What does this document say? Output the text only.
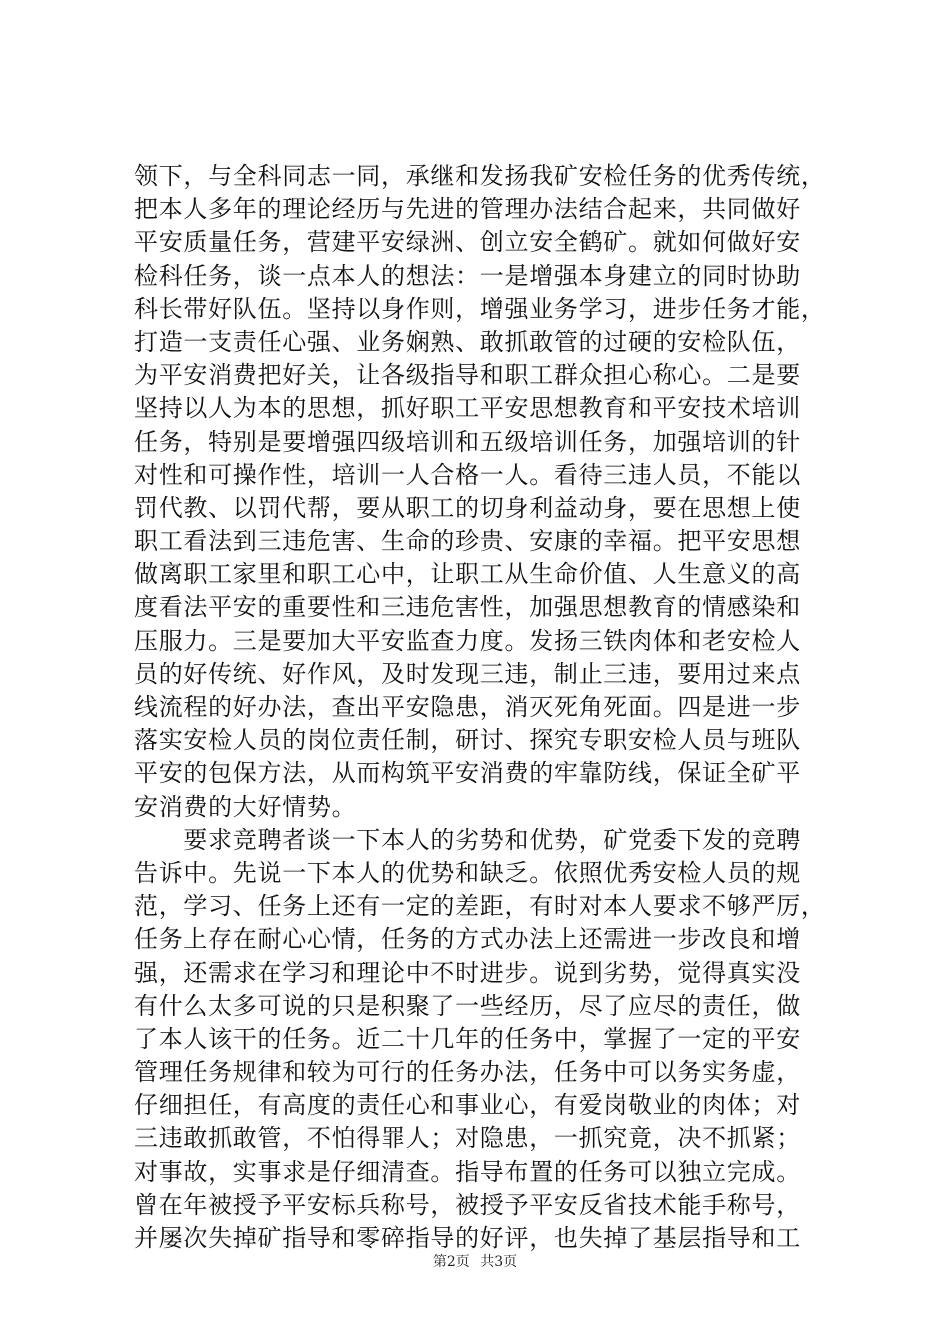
领下，与全科同志一同，承继和发扬我矿安检任务的优秀传统，
把本人多年的理论经历与先进的管理办法结合起来，共同做好
平安质量任务，营建平安绿洲、创立安全鹤矿。就如何做好安
检科任务，谈一点本人的想法：一是增强本身建立的同时协助
科长带好队伍。坚持以身作则，增强业务学习，进步任务才能，
打造一支责任心强、业务娴熟、敢抓敢管的过硬的安检队伍，
为平安消费把好关，让各级指导和职工群众担心称心。二是要
坚持以人为本的思想，抓好职工平安思想教育和平安技术培训
任务，特别是要增强四级培训和五级培训任务，加强培训的针
对性和可操作性，培训一人合格一人。看待三违人员，不能以
罚代教、以罚代帮，要从职工的切身利益动身，要在思想上使
职工看法到三违危害、生命的珍贵、安康的幸福。把平安思想
做离职工家里和职工心中，让职工从生命价值、人生意义的高
度看法平安的重要性和三违危害性，加强思想教育的情感染和
压服力。三是要加大平安监查力度。发扬三铁肉体和老安检人
员的好传统、好作风，及时发现三违，制止三违，要用过来点
线流程的好办法，查出平安隐患，消灭死角死面。四是进一步
落实安检人员的岗位责任制，研讨、探究专职安检人员与班队
平安的包保方法，从而构筑平安消费的牢靠防线，保证全矿平
安消费的大好情势。
　　要求竞聘者谈一下本人的劣势和优势，矿党委下发的竞聘
告诉中。先说一下本人的优势和缺乏。依照优秀安检人员的规
范，学习、任务上还有一定的差距，有时对本人要求不够严厉，
任务上存在耐心心情，任务的方式办法上还需进一步改良和增
强，还需求在学习和理论中不时进步。说到劣势，觉得真实没
有什么太多可说的只是积聚了一些经历，尽了应尽的责任，做
了本人该干的任务。近二十几年的任务中，掌握了一定的平安
管理任务规律和较为可行的任务办法，任务中可以务实务虚，
仔细担任，有高度的责任心和事业心，有爱岗敬业的肉体；对
三违敢抓敢管，不怕得罪人；对隐患，一抓究竟，决不抓紧；
对事故，实事求是仔细清查。指导布置的任务可以独立完成。
曾在年被授予平安标兵称号，被授予平安反省技术能手称号，
并屡次失掉矿指导和零碎指导的好评，也失掉了基层指导和工
第2页 共3页
